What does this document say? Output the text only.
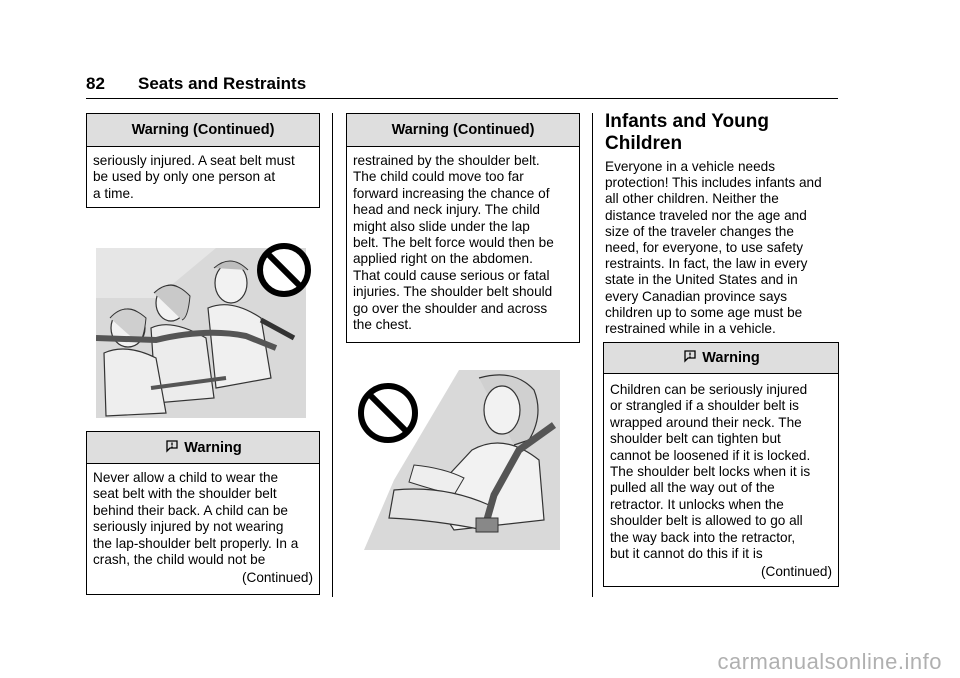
82 Seats and Restraints
Warning (Continued)

seriously injured. A seat belt must
be used by only one person at
a time.

Warning

Never allow a child to wear the
seat belt with the shoulder belt
behind their back. A child can be
seriously injured by not wearing
the lap-shoulder belt properly. In a
crash, the child would not be

(Continued)
Warning (Continued)

restrained by the shoulder belt.
The child could move too far
forward increasing the chance of
head and neck injury. The child
might also slide under the lap
belt. The belt force would then be
applied right on the abdomen.
That could cause serious or fatal
injuries. The shoulder belt should
go over the shoulder and across
the chest.

Infants and Young
Children

Everyone in a vehicle needs
protection! This includes infants and
all other children. Neither the
distance traveled nor the age and
size of the traveler changes the
need, for everyone, to use safety
restraints. In fact, the law in every
state in the United States and in
every Canadian province says
children up to some age must be
restrained while in a vehicle.

Warning

Children can be seriously injured
or strangled if a shoulder belt is
wrapped around their neck. The
shoulder belt can tighten but
cannot be loosened if it is locked.
The shoulder belt locks when it is
pulled all the way out of the
retractor. It unlocks when the
shoulder belt is allowed to go all
the way back into the retractor,
but it cannot do this if it is

(Continued)
carmanualsonline.info
